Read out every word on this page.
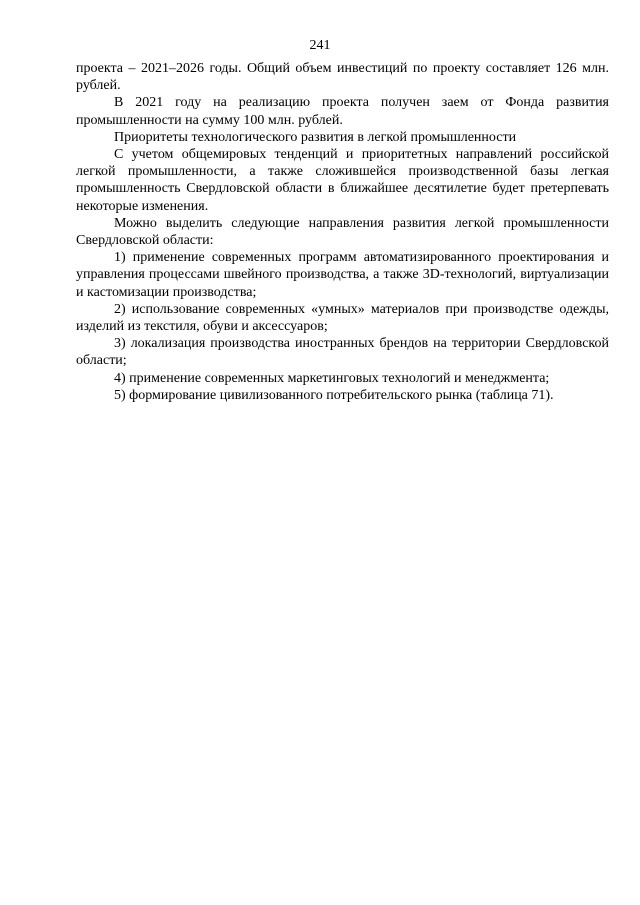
241

проекта – 2021–2026 годы. Общий объем инвестиций по проекту составляет 126 млн. рублей.

В 2021 году на реализацию проекта получен заем от Фонда развития промышленности на сумму 100 млн. рублей.

Приоритеты технологического развития в легкой промышленности

С учетом общемировых тенденций и приоритетных направлений российской легкой промышленности, а также сложившейся производственной базы легкая промышленность Свердловской области в ближайшее десятилетие будет претерпевать некоторые изменения.

Можно выделить следующие направления развития легкой промышленности Свердловской области:

1) применение современных программ автоматизированного проектирования и управления процессами швейного производства, а также 3D-технологий, виртуализации и кастомизации производства;

2) использование современных «умных» материалов при производстве одежды, изделий из текстиля, обуви и аксессуаров;

3) локализация производства иностранных брендов на территории Свердловской области;

4) применение современных маркетинговых технологий и менеджмента;

5) формирование цивилизованного потребительского рынка (таблица 71).
